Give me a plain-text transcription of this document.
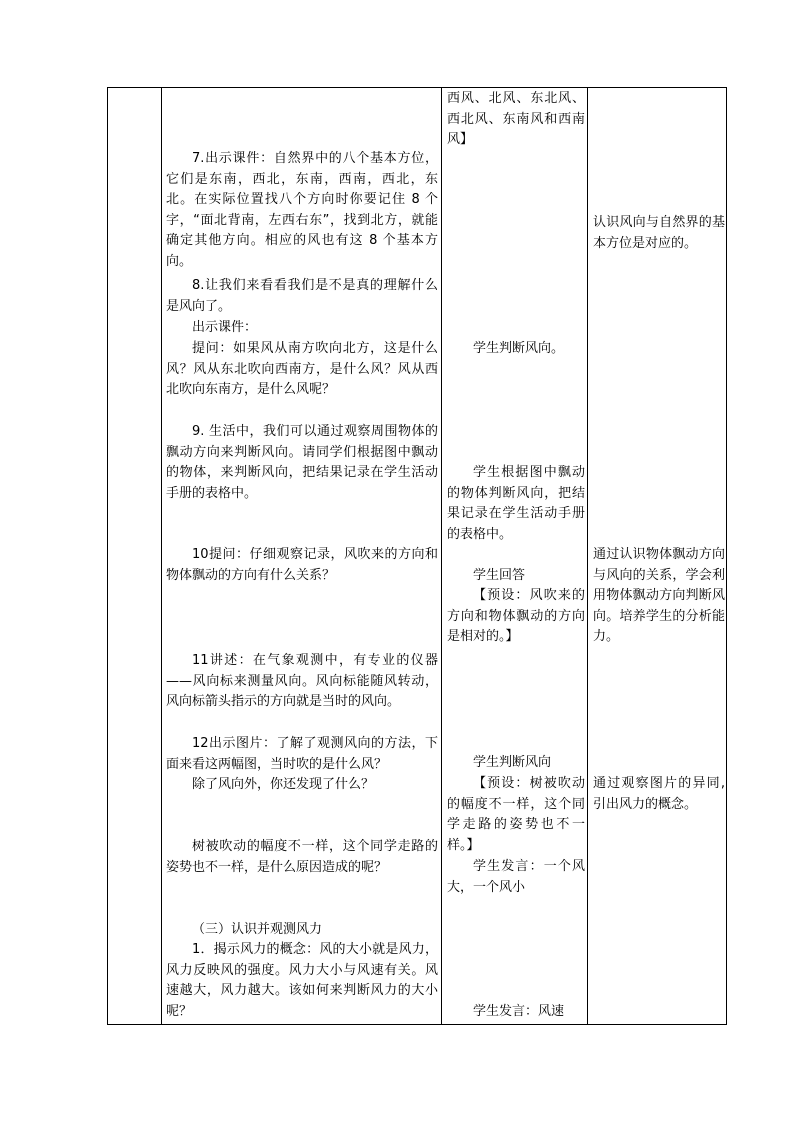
7.出示课件：自然界中的八个基本方位，它们是东南，西北，东南，西南，西北，东北。在实际位置找八个方向时你要记住 8 个字，“面北背南，左西右东”，找到北方，就能确定其他方向。相应的风也有这 8 个基本方向。

8.让我们来看看我们是不是真的理解什么是风向了。

出示课件：

提问：如果风从南方吹向北方，这是什么风？风从东北吹向西南方，是什么风？风从西北吹向东南方，是什么风呢？

9. 生活中，我们可以通过观察周围物体的飘动方向来判断风向。请同学们根据图中飘动的物体，来判断风向，把结果记录在学生活动手册的表格中。

10提问：仔细观察记录，风吹来的方向和物体飘动的方向有什么关系？

11讲述：在气象观测中，有专业的仪器——风向标来测量风向。风向标能随风转动，风向标箭头指示的方向就是当时的风向。

12出示图片：了解了观测风向的方法，下面来看这两幅图，当时吹的是什么风？

除了风向外，你还发现了什么？

树被吹动的幅度不一样，这个同学走路的姿势也不一样，是什么原因造成的呢？

（三）认识并观测风力

1．揭示风力的概念：风的大小就是风力，风力反映风的强度。风力大小与风速有关。风速越大，风力越大。该如何来判断风力的大小呢？

西风、北风、东北风、西北风、东南风和西南风】

学生判断风向。

学生根据图中飘动的物体判断风向，把结果记录在学生活动手册的表格中。

学生回答

【预设：风吹来的方向和物体飘动的方向是相对的。】

学生判断风向

【预设：树被吹动的幅度不一样，这个同学走路的姿势也不一样。】

学生发言：一个风大，一个风小

学生发言：风速

认识风向与自然界的基本方位是对应的。

通过认识物体飘动方向与风向的关系，学会利用物体飘动方向判断风向。培养学生的分析能力。

通过观察图片的异同,引出风力的概念。
